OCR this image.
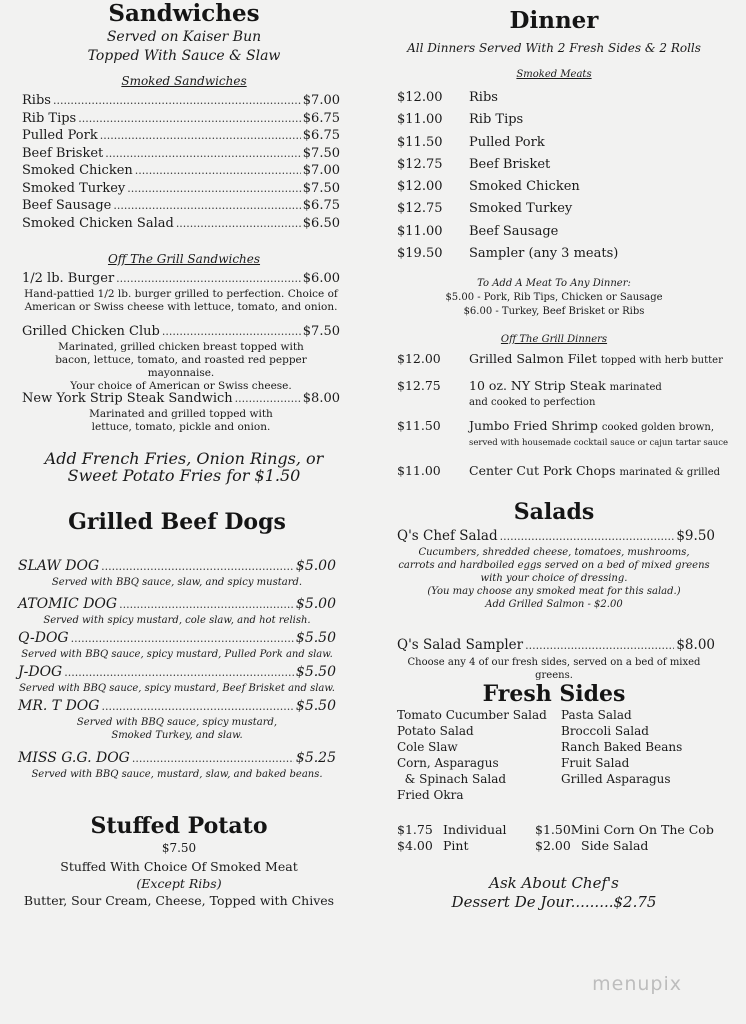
Sandwiches
Served on Kaiser Bun
Topped With Sauce & Slaw
Smoked Sandwiches
Ribs .....	$7.00
Rib Tips .....	$6.75
Pulled Pork .....	$6.75
Beef Brisket .....	$7.50
Smoked Chicken .....	$7.00
Smoked Turkey .....	$7.50
Beef Sausage .....	$6.75
Smoked Chicken Salad .....	$6.50
Off The Grill Sandwiches
1/2 lb. Burger .....	$6.00

Hand-pattied 1/2 lb. burger grilled to perfection. Choice of

American or Swiss cheese with lettuce, tomato, and onion.

Grilled Chicken Club .....	$7.50

Marinated, grilled chicken breast topped with

bacon, lettuce, tomato, and roasted red pepper mayonnaise.

Your choice of American or Swiss cheese.

New York Strip Steak Sandwich .....	$8.00

Marinated and grilled topped with

lettuce, tomato, pickle and onion.

Add French Fries, Onion Rings, or
Sweet Potato Fries for $1.50
Grilled Beef Dogs
SLAW DOG .....	$5.00

Served with BBQ sauce, slaw, and spicy mustard.

ATOMIC DOG .....	$5.00

Served with spicy mustard, cole slaw, and hot relish.

Q-DOG .....	$5.50

Served with BBQ sauce, spicy mustard, Pulled Pork and slaw.

J-DOG .....	$5.50

Served with BBQ sauce, spicy mustard, Beef Brisket and slaw.

MR. T DOG .....	$5.50

Served with BBQ sauce, spicy mustard,

Smoked Turkey, and slaw.

MISS G.G. DOG .....	$5.25

Served with BBQ sauce, mustard, slaw, and baked beans.

Stuffed Potato
$7.50
Stuffed With Choice Of Smoked Meat
(Except Ribs)
Butter, Sour Cream, Cheese, Topped with Chives
Dinner
All Dinners Served With 2 Fresh Sides & 2 Rolls
Smoked Meats
$12.00	Ribs
$11.00	Rib Tips
$11.50	Pulled Pork
$12.75	Beef Brisket
$12.00	Smoked Chicken
$12.75	Smoked Turkey
$11.00	Beef Sausage
$19.50	Sampler (any 3 meats)
To Add A Meat To Any Dinner:
$5.00 - Pork, Rib Tips, Chicken or Sausage
$6.00 - Turkey, Beef Brisket or Ribs
Off The Grill Dinners
$12.00	Grilled Salmon Filet topped with herb butter
$12.75	10 oz. NY Strip Steak marinated
and cooked to perfection
$11.50	Jumbo Fried Shrimp cooked golden brown,
served with housemade cocktail sauce or cajun tartar sauce
$11.00	Center Cut Pork Chops marinated & grilled
Salads
Q's Chef Salad .....	$9.50

Cucumbers, shredded cheese, tomatoes, mushrooms,

carrots and hardboiled eggs served on a bed of mixed greens

with your choice of dressing.

(You may choose any smoked meat for this salad.)

Add Grilled Salmon - $2.00

Q's Salad Sampler .....	$8.00

Choose any 4 of our fresh sides, served on a bed of mixed greens.

Fresh Sides
Tomato Cucumber Salad
Potato Salad
Cole Slaw
Corn, Asparagus
& Spinach Salad
Fried Okra
Pasta Salad
Broccoli Salad
Ranch Baked Beans
Fruit Salad
Grilled Asparagus
$1.75 Individual $1.50 Mini Corn On The Cob
$4.00 Pint	$2.00 Side Salad
Ask About Chef's
Dessert De Jour.........$2.75
menupix
